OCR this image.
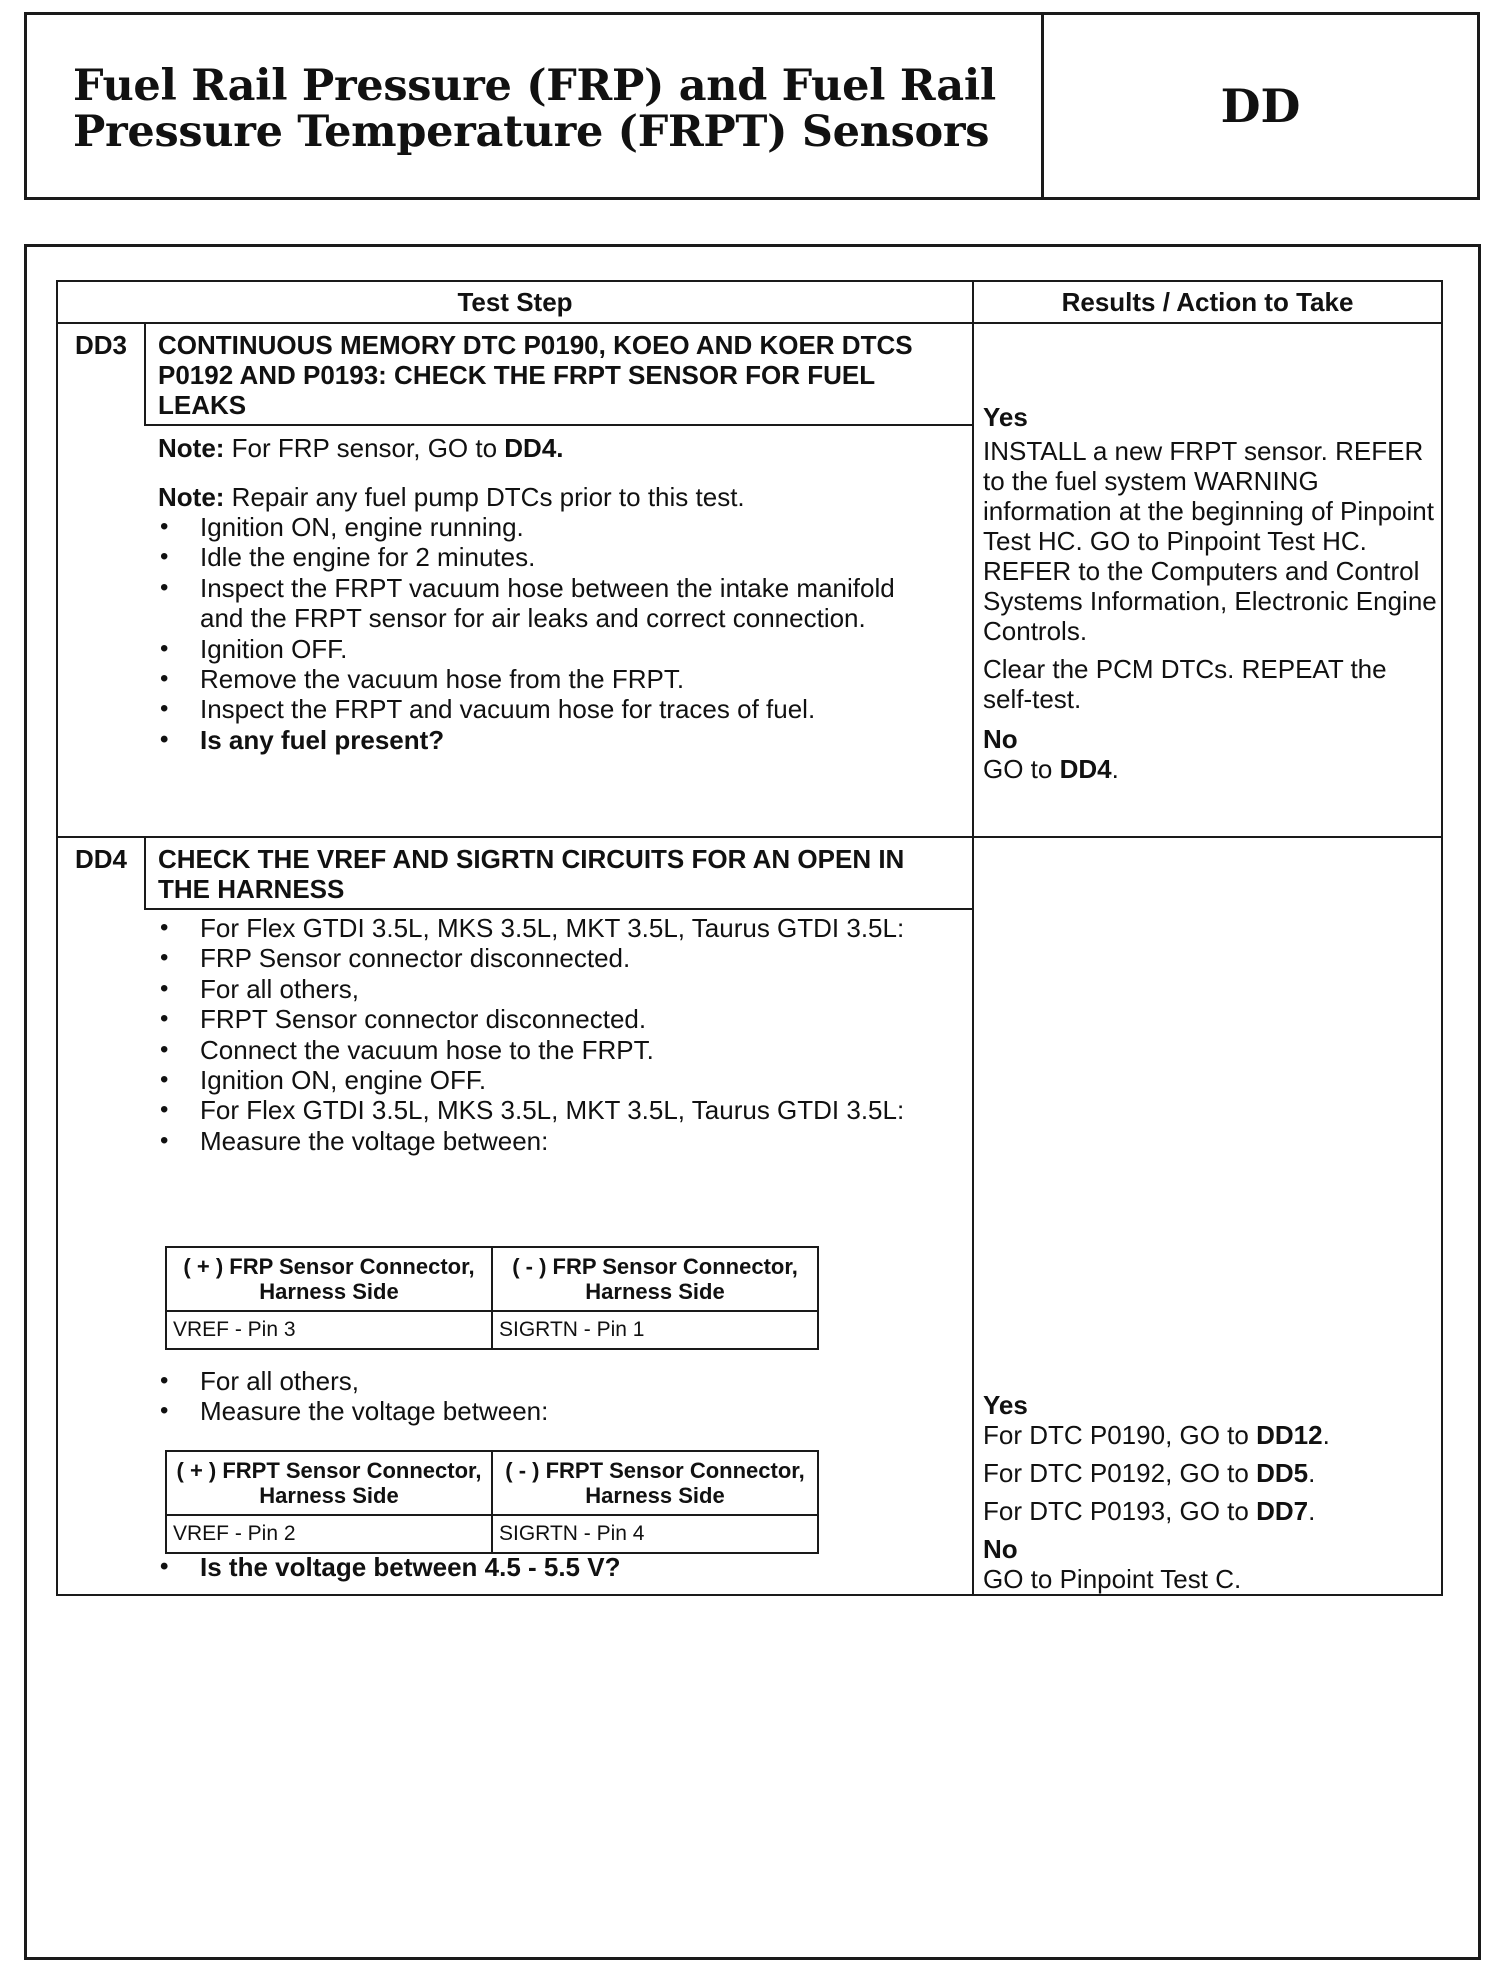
Fuel Rail Pressure (FRP) and Fuel Rail Pressure Temperature (FRPT) Sensors	DD
Test Step	Results / Action to Take
DD3	CONTINUOUS MEMORY DTC P0190, KOEO AND KOER DTCS P0192 AND P0193: CHECK THE FRPT SENSOR FOR FUEL LEAKS
Note: For FRP sensor, GO to DD4.
Note: Repair any fuel pump DTCs prior to this test.
• Ignition ON, engine running.
• Idle the engine for 2 minutes.
• Inspect the FRPT vacuum hose between the intake manifold and the FRPT sensor for air leaks and correct connection.
• Ignition OFF.
• Remove the vacuum hose from the FRPT.
• Inspect the FRPT and vacuum hose for traces of fuel.
• Is any fuel present?
Yes
INSTALL a new FRPT sensor. REFER to the fuel system WARNING information at the beginning of Pinpoint Test HC. GO to Pinpoint Test HC. REFER to the Computers and Control Systems Information, Electronic Engine Controls.
Clear the PCM DTCs. REPEAT the self-test.
No
GO to DD4.
DD4	CHECK THE VREF AND SIGRTN CIRCUITS FOR AN OPEN IN THE HARNESS
• For Flex GTDI 3.5L, MKS 3.5L, MKT 3.5L, Taurus GTDI 3.5L:
• FRP Sensor connector disconnected.
• For all others,
• FRPT Sensor connector disconnected.
• Connect the vacuum hose to the FRPT.
• Ignition ON, engine OFF.
• For Flex GTDI 3.5L, MKS 3.5L, MKT 3.5L, Taurus GTDI 3.5L:
• Measure the voltage between:
( + ) FRP Sensor Connector, Harness Side	( - ) FRP Sensor Connector, Harness Side
VREF - Pin 3	SIGRTN - Pin 1
• For all others,
• Measure the voltage between:
( + ) FRPT Sensor Connector, Harness Side	( - ) FRPT Sensor Connector, Harness Side
VREF - Pin 2	SIGRTN - Pin 4
• Is the voltage between 4.5 - 5.5 V?
Yes
For DTC P0190, GO to DD12.
For DTC P0192, GO to DD5.
For DTC P0193, GO to DD7.
No
GO to Pinpoint Test C.
